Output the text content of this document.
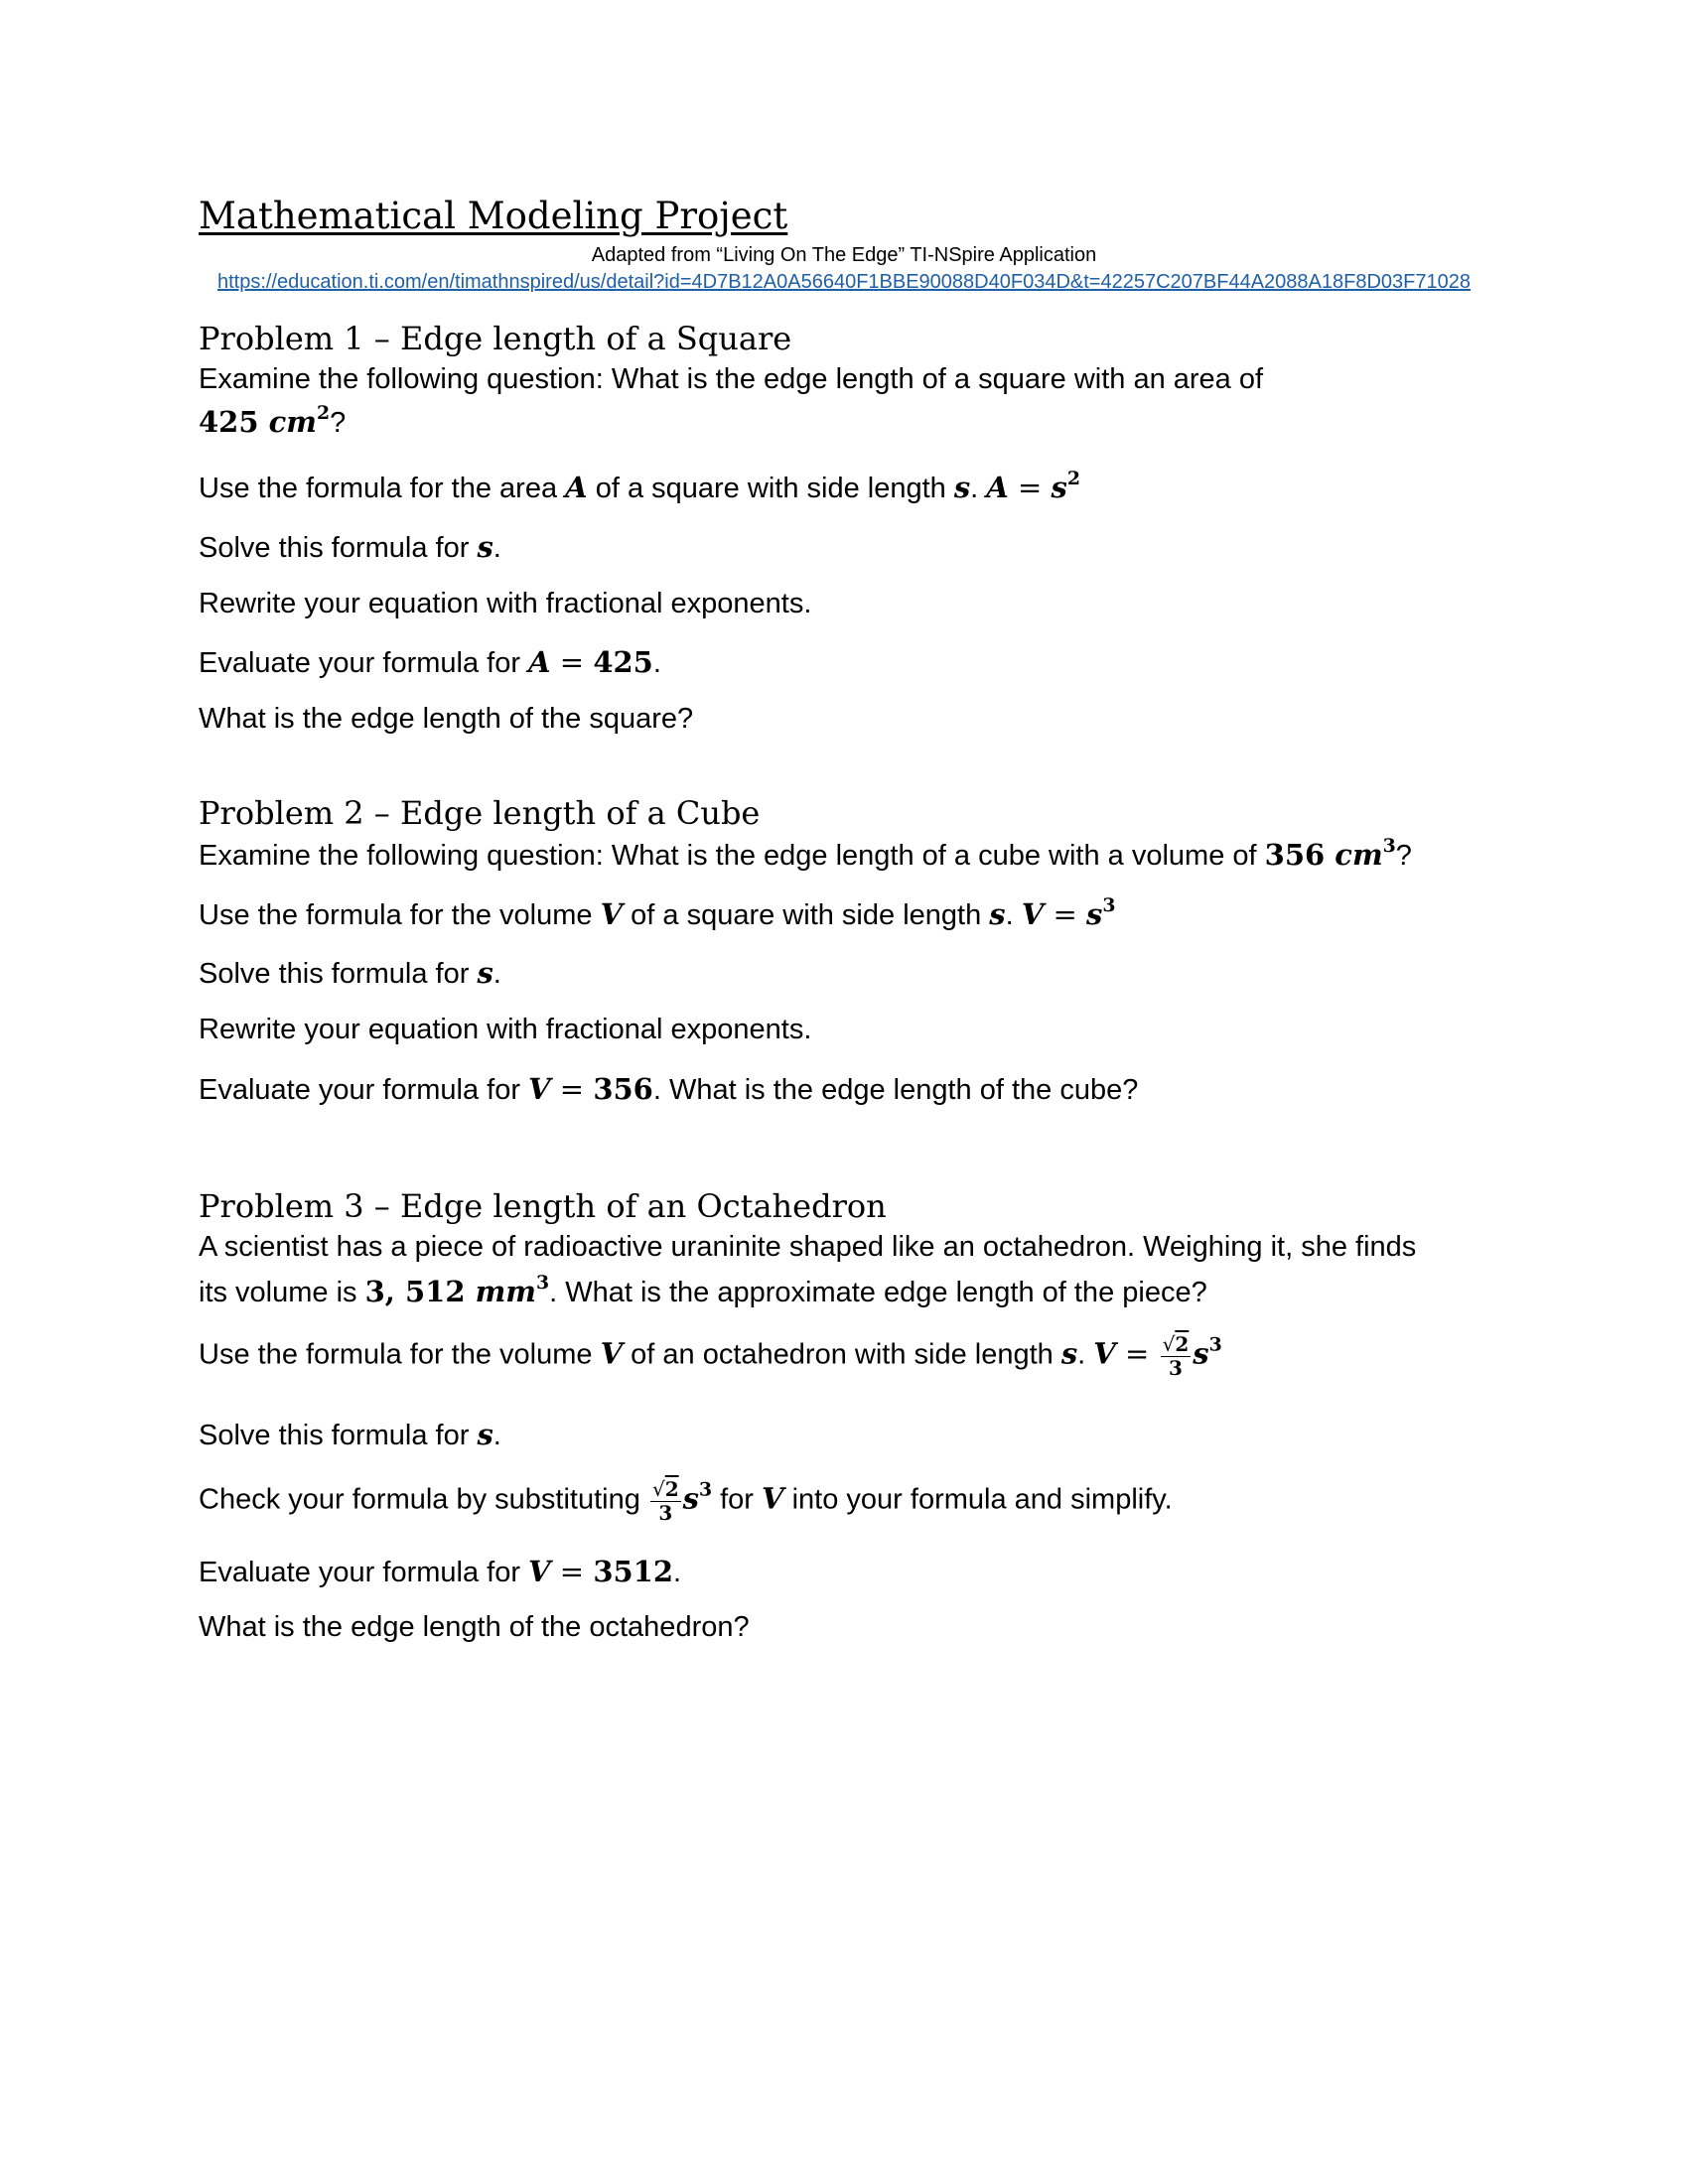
Mathematical Modeling Project
Adapted from “Living On The Edge” TI-NSpire Application
https://education.ti.com/en/timathnspired/us/detail?id=4D7B12A0A56640F1BBE90088D40F034D&t=42257C207BF44A2088A18F8D03F71028
Problem 1 – Edge length of a Square
Examine the following question: What is the edge length of a square with an area of
425 $cm^2$?
Use the formula for the area A of a square with side length s. $A = s^2$
Solve this formula for s.
Rewrite your equation with fractional exponents.
Evaluate your formula for A = 425.
What is the edge length of the square?
Problem 2 – Edge length of a Cube
Examine the following question: What is the edge length of a cube with a volume of 356 $cm^3$?
Use the formula for the volume V of a square with side length s. $V = s^3$
Solve this formula for s.
Rewrite your equation with fractional exponents.
Evaluate your formula for V = 356. What is the edge length of the cube?
Problem 3 – Edge length of an Octahedron
A scientist has a piece of radioactive uraninite shaped like an octahedron. Weighing it, she finds
its volume is 3, 512 $mm^3$. What is the approximate edge length of the piece?
Use the formula for the volume V of an octahedron with side length s. $V = \frac{√2}{3} s^3$
Solve this formula for s.
Check your formula by substituting $\frac{√2}{3} s^3$ for V into your formula and simplify.
Evaluate your formula for V = 3512.
What is the edge length of the octahedron?
